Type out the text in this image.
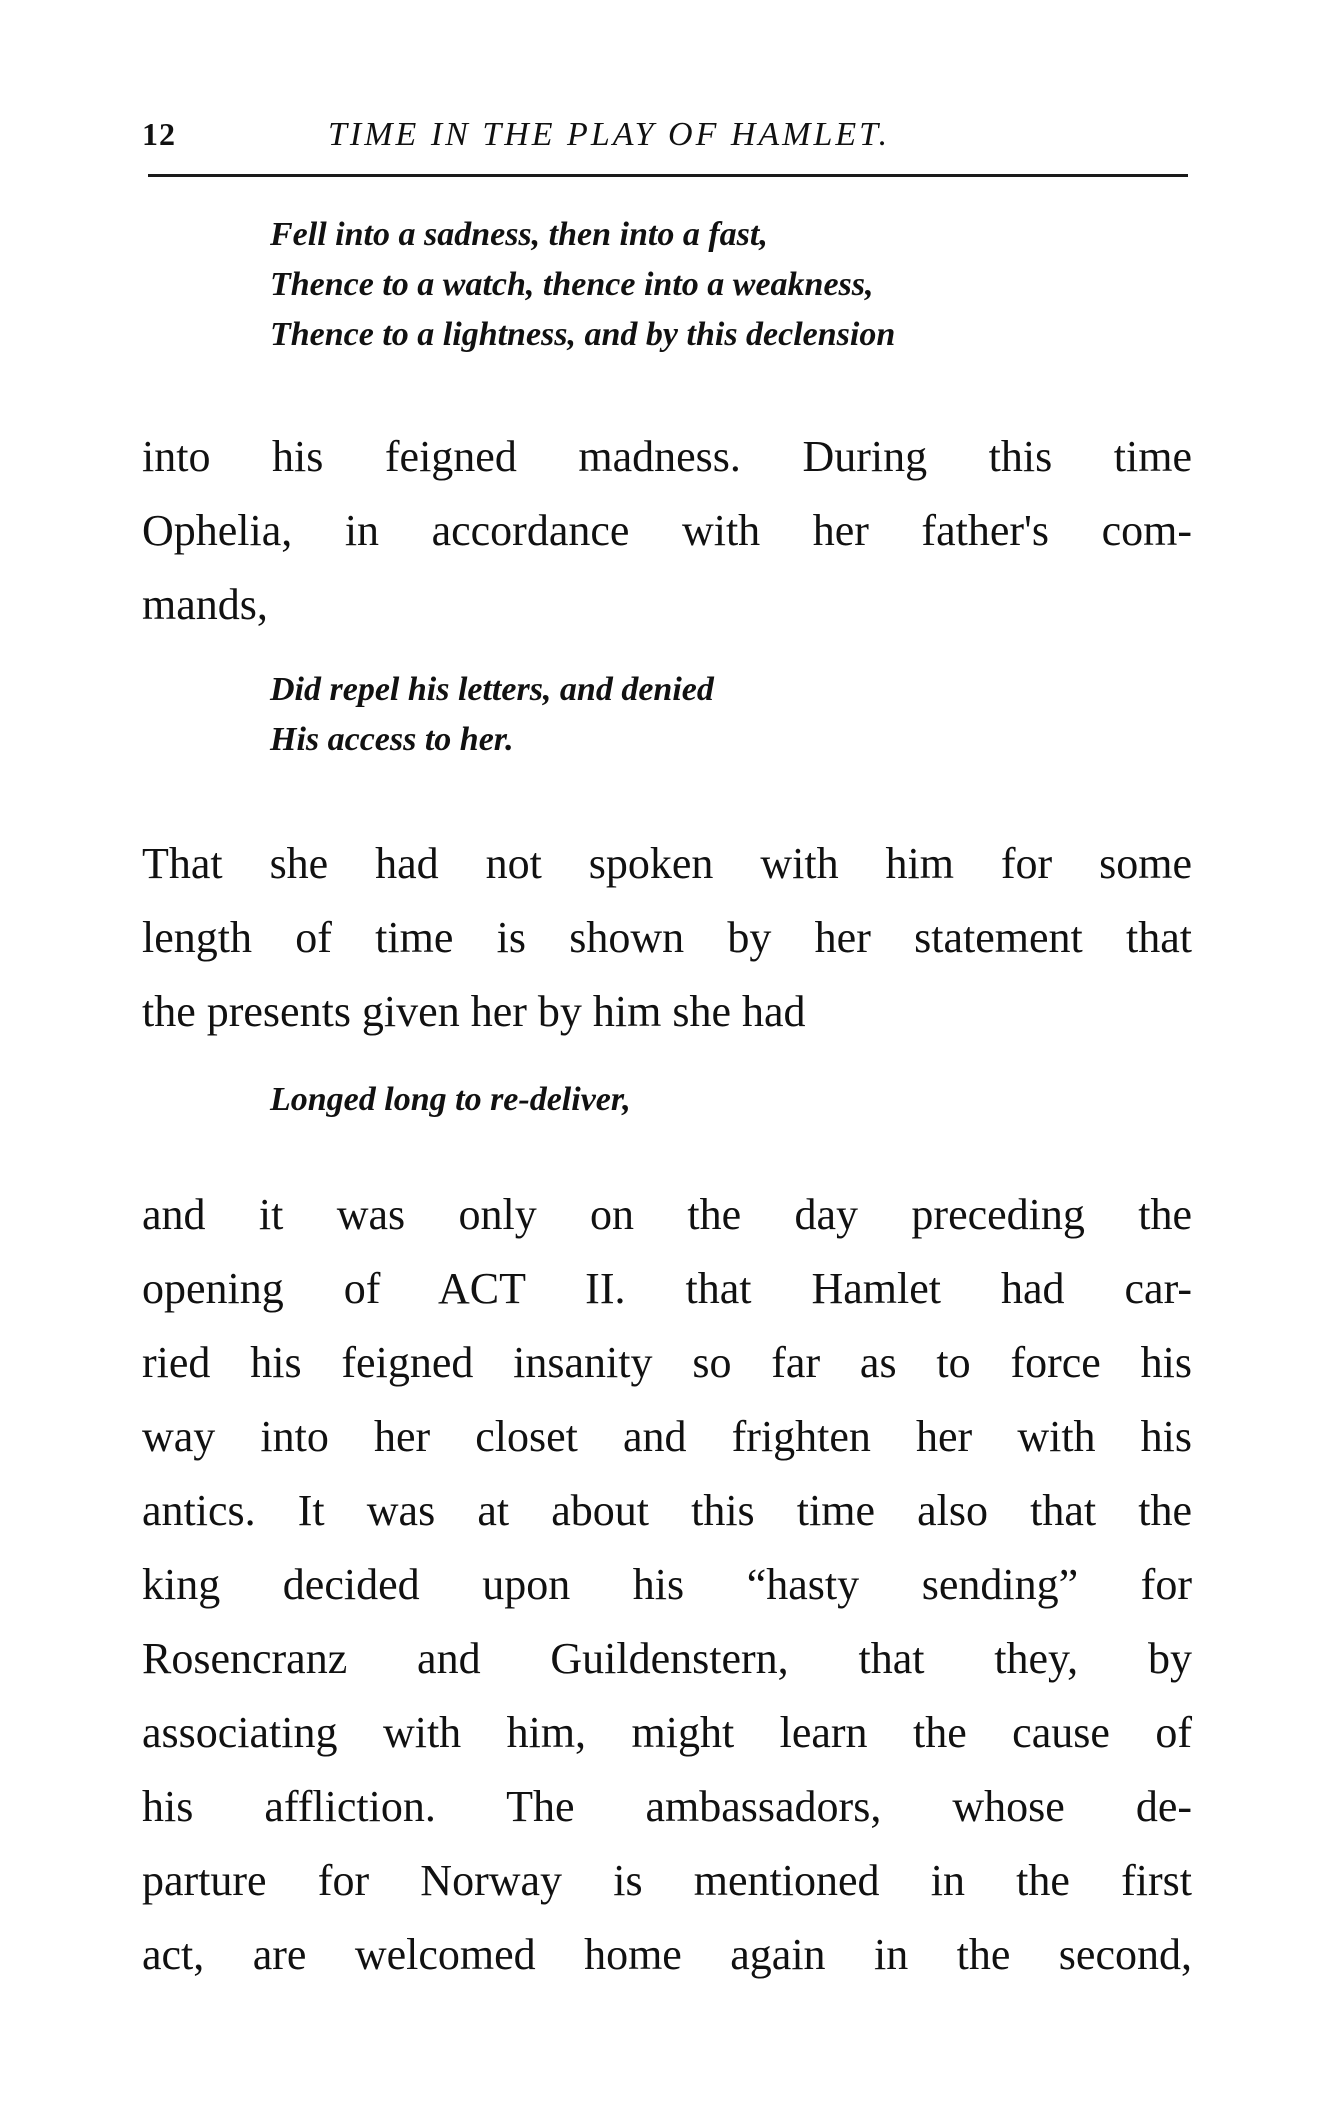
12	TIME IN THE PLAY OF HAMLET.
Fell into a sadness, then into a fast,
Thence to a watch, thence into a weakness,
Thence to a lightness, and by this declension
into his feigned madness. During this time
Ophelia, in accordance with her father's com-
mands,
Did repel his letters, and denied
His access to her.
That she had not spoken with him for some
length of time is shown by her statement that
the presents given her by him she had
Longed long to re-deliver,
and it was only on the day preceding the
opening of ACT II. that Hamlet had car-
ried his feigned insanity so far as to force his
way into her closet and frighten her with his
antics. It was at about this time also that the
king decided upon his “hasty sending” for
Rosencranz and Guildenstern, that they, by
associating with him, might learn the cause of
his affliction. The ambassadors, whose de-
parture for Norway is mentioned in the first
act, are welcomed home again in the second,
